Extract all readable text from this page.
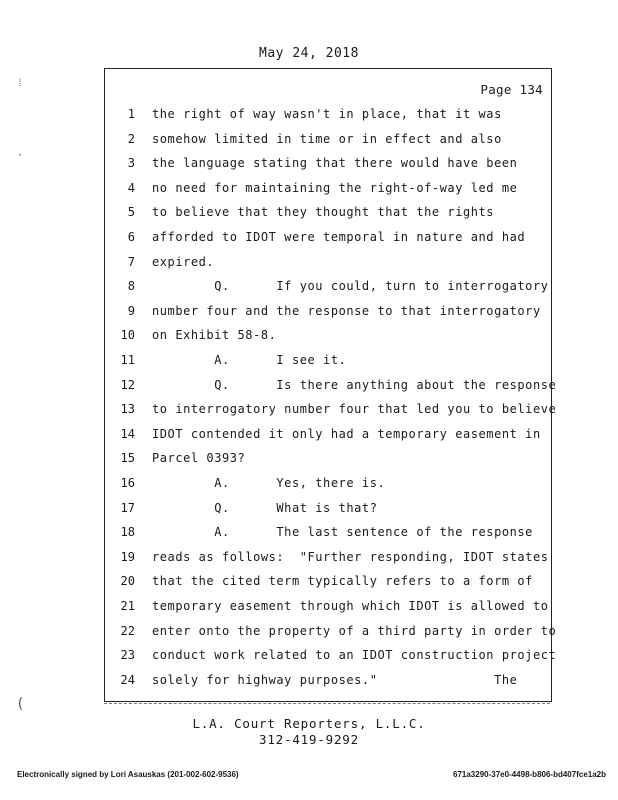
May 24, 2018
Page 134
1 the right of way wasn't in place, that it was
2 somehow limited in time or in effect and also
3 the language stating that there would have been
4 no need for maintaining the right-of-way led me
5 to believe that they thought that the rights
6 afforded to IDOT were temporal in nature and had
7 expired.
8 Q.      If you could, turn to interrogatory
9 number four and the response to that interrogatory
10 on Exhibit 58-8.
11 A.      I see it.
12 Q.      Is there anything about the response
13 to interrogatory number four that led you to believe
14 IDOT contended it only had a temporary easement in
15 Parcel 0393?
16 A.      Yes, there is.
17 Q.      What is that?
18 A.      The last sentence of the response
19 reads as follows:  "Further responding, IDOT states
20 that the cited term typically refers to a form of
21 temporary easement through which IDOT is allowed to
22 enter onto the property of a third party in order to
23 conduct work related to an IDOT construction project
24 solely for highway purposes."               The
⁞
·
(
L.A. Court Reporters, L.L.C.
312-419-9292
Electronically signed by Lori Asauskas (201-002-602-9536)	671a3290-37e0-4498-b806-bd407fce1a2b
